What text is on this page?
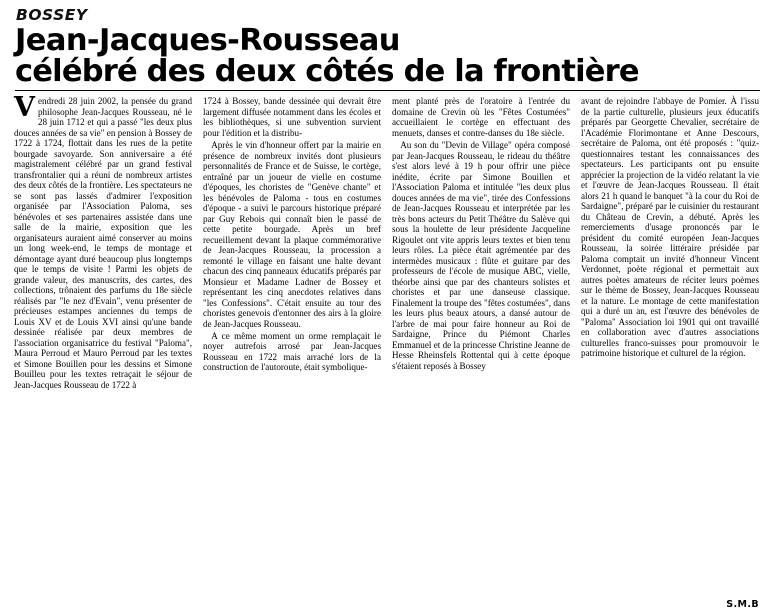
BOSSEY
Jean-Jacques-Rousseau
célébré des deux côtés de la frontière

Vendredi 28 juin 2002, la pensée du grand philosophe Jean-Jacques Rousseau, né le 28 juin 1712 et qui a passé "les deux plus douces années de sa vie" en pension à Bossey de 1722 à 1724, flottait dans les rues de la petite bourgade savoyarde. Son anniversaire a été magistralement célébré par un grand festival transfrontalier qui a réuni de nombreux artistes des deux côtés de la frontière. Les spectateurs ne se sont pas lassés d'admirer l'exposition organisée par l'Association Paloma, ses bénévoles et ses partenaires assistée dans une salle de la mairie, exposition que les organisateurs auraient aimé conserver au moins un long week-end, le temps de montage et démontage ayant duré beaucoup plus longtemps que le temps de visite ! Parmi les objets de grande valeur, des manuscrits, des cartes, des collections, trônaient des parfums du 18e siècle réalisés par "le nez d'Evain", venu présenter de précieuses estampes anciennes du temps de Louis XV et de Louis XVI ainsi qu'une bande dessinée réalisée par deux membres de l'association organisatrice du festival "Paloma", Maura Perroud et Mauro Perroud par les textes et Simone Bouillen pour les dessins et Simone Bouilleu pour les textes retraçait le séjour de Jean-Jacques Rousseau de 1722 à

1724 à Bossey, bande dessinée qui devrait être largement diffusée notamment dans les écoles et les bibliothèques, si une subvention survient pour l'édition et la distribu-

Après le vin d'honneur offert par la mairie en présence de nombreux invités dont plusieurs personnalités de France et de Suisse, le cortège, entraîné par un joueur de vielle en costume d'époques, les choristes de "Genève chante" et les bénévoles de Paloma - tous en costumes d'époque - a suivi le parcours historique préparé par Guy Rebois qui connaît bien le passé de cette petite bourgade. Après un bref recueillement devant la plaque commémorative de Jean-Jacques Rousseau, la procession a remonté le village en faisant une halte devant chacun des cinq panneaux éducatifs préparés par Monsieur et Madame Ladner de Bossey et représentant les cinq anecdotes relatives dans "les Confessions". C'était ensuite au tour des choristes genevois d'entonner des airs à la gloire de Jean-Jacques Rousseau.

A ce même moment un orme remplaçait le noyer autrefois arrosé par Jean-Jacques Rousseau en 1722 mais arraché lors de la construction de l'autoroute, était symbolique-

ment planté près de l'oratoire à l'entrée du domaine de Crevin où les "Fêtes Costumées" accueillaient le cortège en effectuant des menuets, danses et contre-danses du 18e siècle.

Au son du "Devin de Village" opéra composé par Jean-Jacques Rousseau, le rideau du théâtre s'est alors levé à 19 h pour offrir une pièce inédite, écrite par Simone Bouillen et l'Association Paloma et intitulée "les deux plus douces années de ma vie", tirée des Confessions de Jean-Jacques Rousseau et interprétée par les très bons acteurs du Petit Théâtre du Salève qui sous la houlette de leur présidente Jacqueline Rigoulet ont vite appris leurs textes et bien tenu leurs rôles. La pièce était agrémentée par des intermèdes musicaux : flûte et guitare par des professeurs de l'école de musique ABC, vielle, théorbe ainsi que par des chanteurs solistes et choristes et par une danseuse classique. Finalement la troupe des "fêtes costumées", dans les leurs plus beaux atours, a dansé autour de l'arbre de mai pour faire honneur au Roi de Sardaigne, Prince du Piémont Charles Emmanuel et de la princesse Christine Jeanne de Hesse Rheinsfels Rottental qui à cette époque s'étaient reposés à Bossey

avant de rejoindre l'abbaye de Pomier. À l'issu de la partie culturelle, plusieurs jeux éducatifs préparés par Georgette Chevalier, secrétaire de l'Académie Florimontane et Anne Descours, secrétaire de Paloma, ont été proposés : "quiz- questionnaires testant les connaissances des spectateurs. Les participants ont pu ensuite apprécier la projection de la vidéo relatant la vie et l'œuvre de Jean-Jacques Rousseau. Il était alors 21 h quand le banquet "à la cour du Roi de Sardaigne", préparé par le cuisinier du restaurant du Château de Crevin, a débuté. Après les remerciements d'usage prononcés par le président du comité européen Jean-Jacques Rousseau, la soirée littéraire présidée par Paloma comptait un invité d'honneur Vincent Verdonnet, poète régional et permettait aux autres poètes amateurs de réciter leurs poèmes sur le thème de Bossey, Jean-Jacques Rousseau et la nature. Le montage de cette manifestation qui a duré un an, est l'œuvre des bénévoles de "Paloma" Association loi 1901 qui ont travaillé en collaboration avec d'autres associations culturelles franco-suisses pour promouvoir le patrimoine historique et culturel de la région.

S.M.B
